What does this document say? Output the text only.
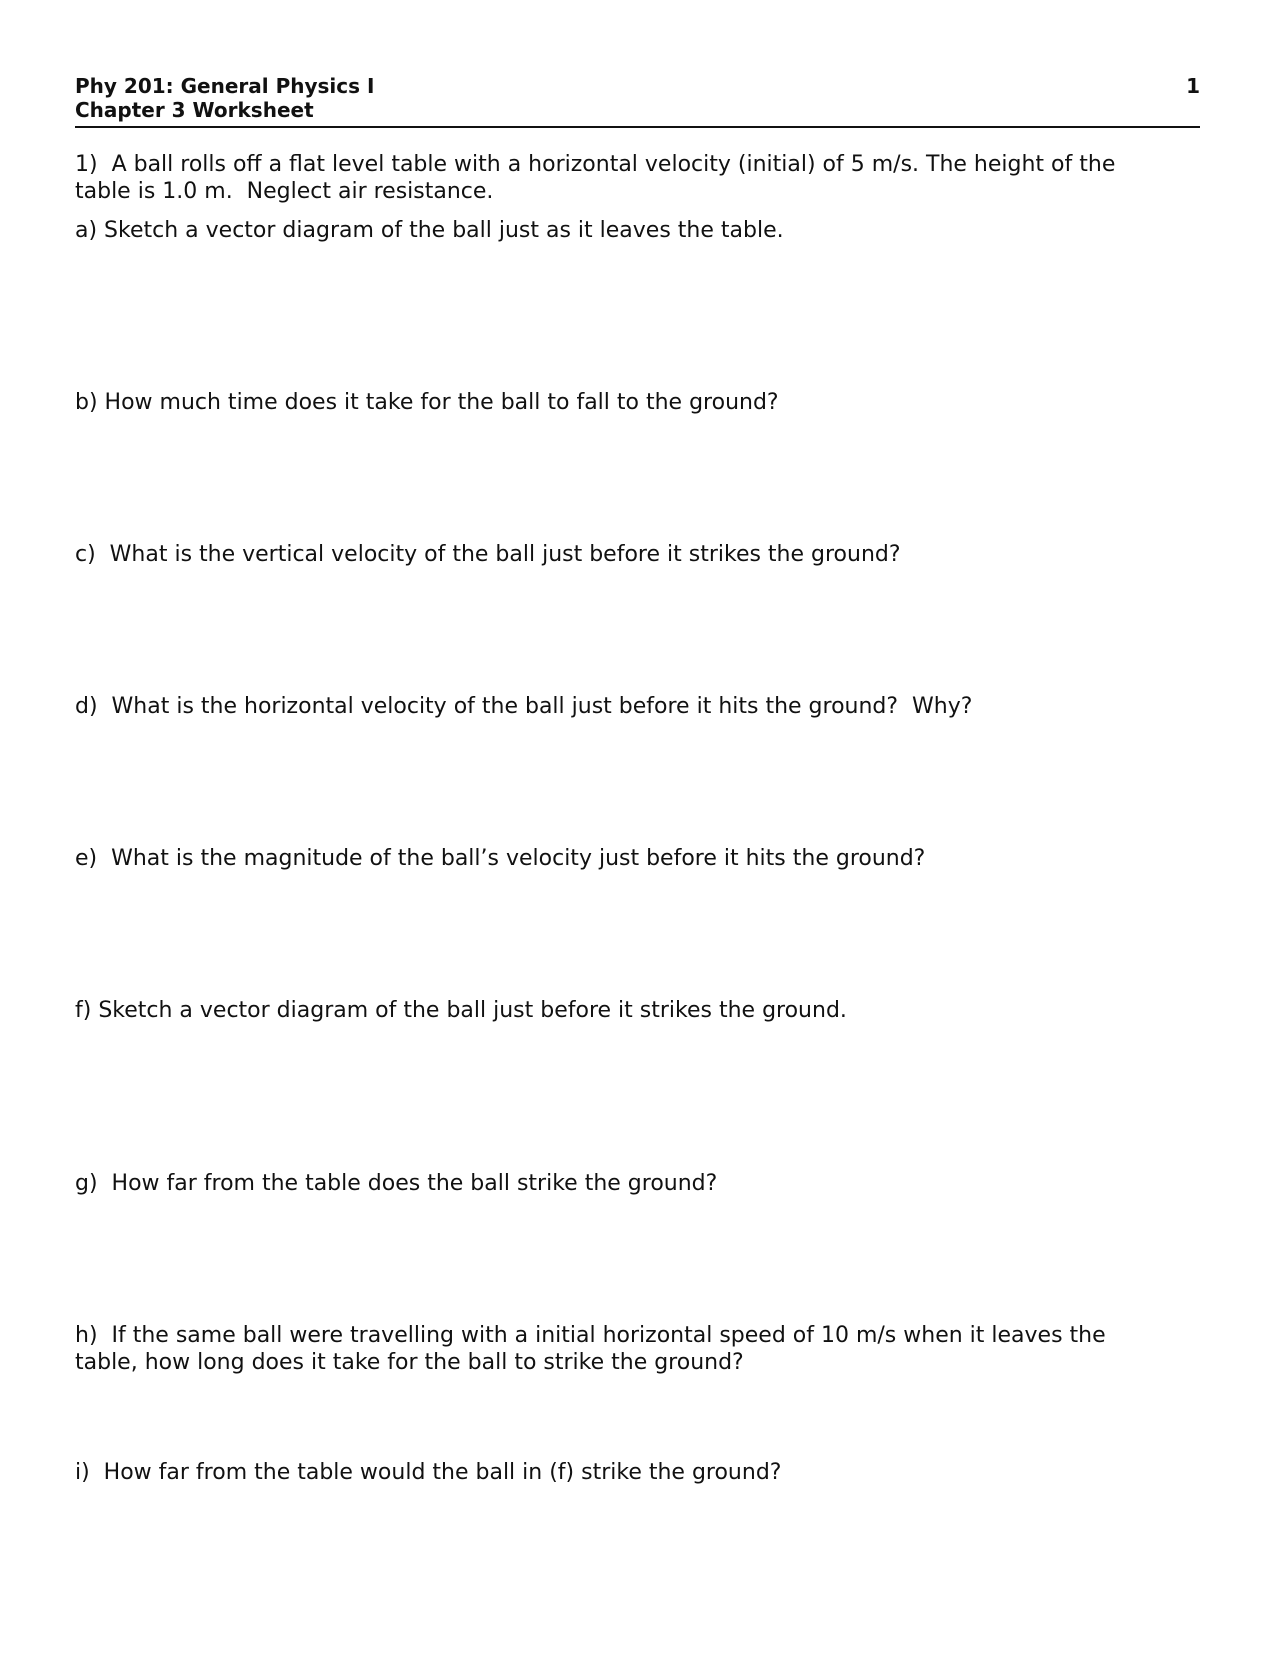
Phy 201: General Physics I
Chapter 3 Worksheet
1
1)  A ball rolls off a flat level table with a horizontal velocity (initial) of 5 m/s. The height of the
table is 1.0 m.  Neglect air resistance.
a) Sketch a vector diagram of the ball just as it leaves the table.
b) How much time does it take for the ball to fall to the ground?
c)  What is the vertical velocity of the ball just before it strikes the ground?
d)  What is the horizontal velocity of the ball just before it hits the ground?  Why?
e)  What is the magnitude of the ball’s velocity just before it hits the ground?
f) Sketch a vector diagram of the ball just before it strikes the ground.
g)  How far from the table does the ball strike the ground?
h)  If the same ball were travelling with a initial horizontal speed of 10 m/s when it leaves the
table, how long does it take for the ball to strike the ground?
i)  How far from the table would the ball in (f) strike the ground?
